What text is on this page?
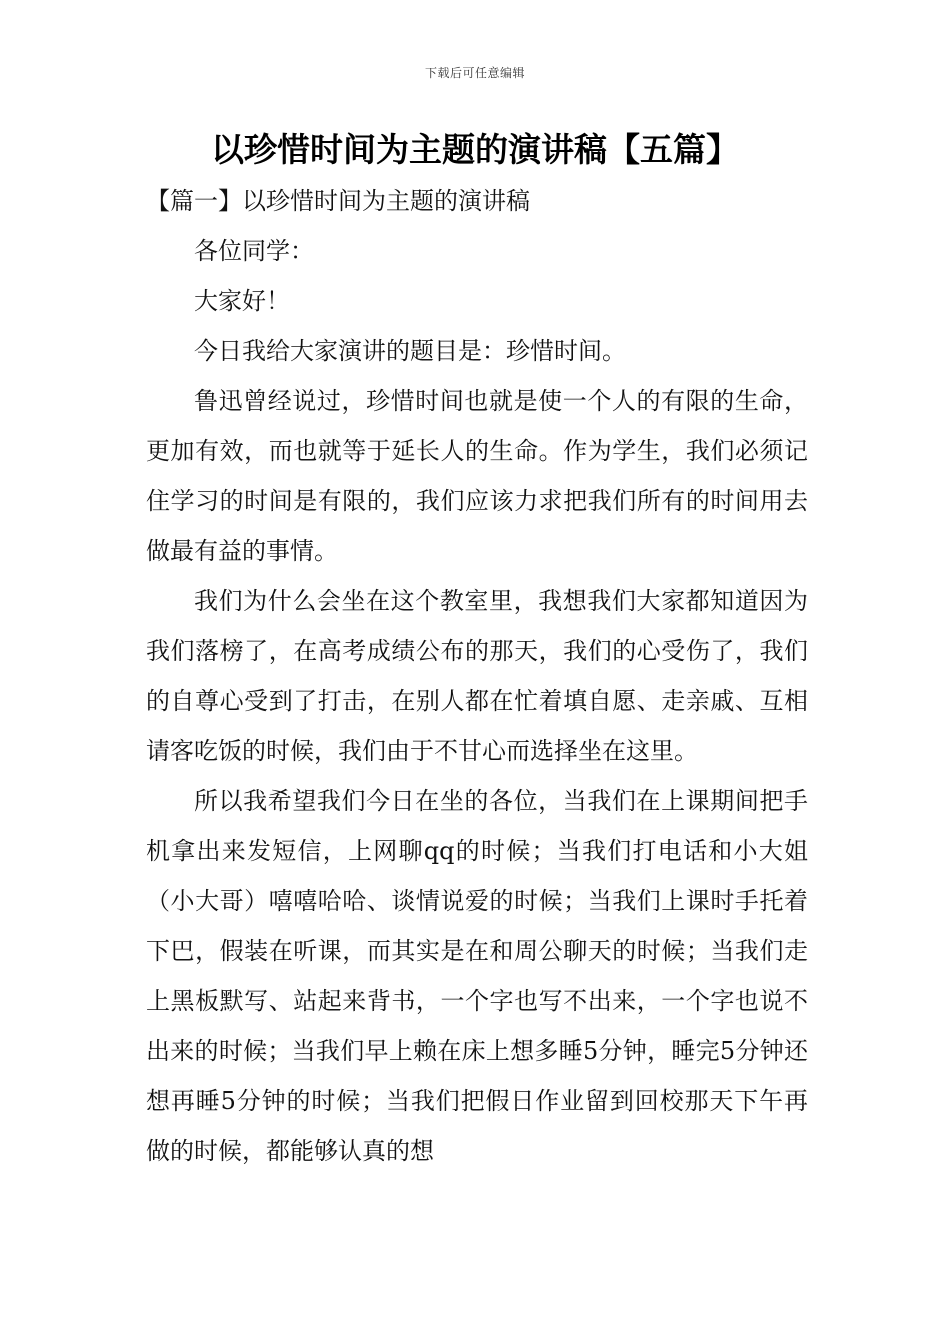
下载后可任意编辑
以珍惜时间为主题的演讲稿【五篇】

【篇一】以珍惜时间为主题的演讲稿

各位同学：

大家好！

今日我给大家演讲的题目是：珍惜时间。

鲁迅曾经说过，珍惜时间也就是使一个人的有限的生命，更加有效，而也就等于延长人的生命。作为学生，我们必须记住学习的时间是有限的，我们应该力求把我们所有的时间用去做最有益的事情。

我们为什么会坐在这个教室里，我想我们大家都知道因为我们落榜了，在高考成绩公布的那天，我们的心受伤了，我们的自尊心受到了打击，在别人都在忙着填自愿、走亲戚、互相请客吃饭的时候，我们由于不甘心而选择坐在这里。

所以我希望我们今日在坐的各位，当我们在上课期间把手机拿出来发短信，上网聊qq的时候；当我们打电话和小大姐（小大哥）嘻嘻哈哈、谈情说爱的时候；当我们上课时手托着下巴，假装在听课，而其实是在和周公聊天的时候；当我们走上黑板默写、站起来背书，一个字也写不出来，一个字也说不出来的时候；当我们早上赖在床上想多睡5分钟，睡完5分钟还想再睡5分钟的时候；当我们把假日作业留到回校那天下午再做的时候，都能够认真的想
